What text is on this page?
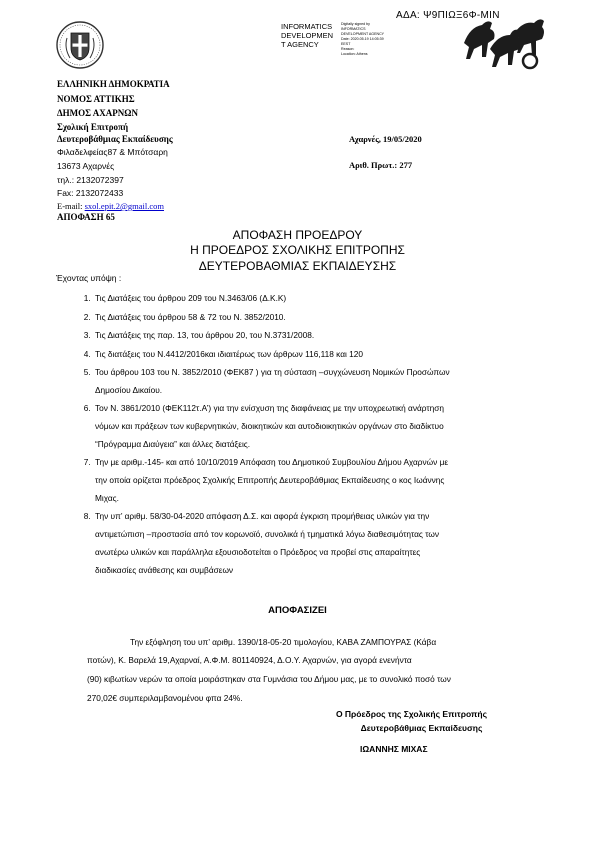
ΑΔΑ: Ψ9ΠΙΩΞ6Φ-ΜΙΝ
INFORMATICS
DEVELOPMEN
T AGENCY
Digitally signed by
INFORMATICS
DEVELOPMENT AGENCY
Date: 2020.05.19 14:05:39
EEST
Reason:
Location: Athens
ΕΛΛΗΝΙΚΗ ΔΗΜΟΚΡΑΤΙΑ
ΝΟΜΟΣ ΑΤΤΙΚΗΣ
ΔΗΜΟΣ ΑΧΑΡΝΩΝ
Σχολική Επιτροπή
Δευτεροβάθμιας Εκπαίδευσης
Φιλαδελφείας87 & Μπότσαρη
13673 Αχαρνές
τηλ.: 2132072397
Fax: 2132072433
E-mail: sxol.epit.2@gmail.com
ΑΠΟΦΑΣΗ 65
Αχαρνές, 19/05/2020
Αριθ. Πρωτ.: 277
ΑΠΟΦΑΣΗ ΠΡΟΕΔΡΟΥ
Η ΠΡΟΕΔΡΟΣ ΣΧΟΛΙΚΗΣ ΕΠΙΤΡΟΠΗΣ
ΔΕΥΤΕΡΟΒΑΘΜΙΑΣ ΕΚΠΑΙΔΕΥΣΗΣ
Έχοντας υπόψη :
1. Τις Διατάξεις του άρθρου 209 του Ν.3463/06 (Δ.Κ.Κ)
2. Τις Διατάξεις του άρθρου 58 & 72 του Ν. 3852/2010.
3. Τις Διατάξεις της παρ. 13, του άρθρου 20, του Ν.3731/2008.
4. Τις διατάξεις του Ν.4412/2016και ιδιαιτέρως των άρθρων 116,118 και 120
5. Του άρθρου 103 του Ν. 3852/2010 (ΦΕΚ87 ) για τη σύσταση –συγχώνευση Νομικών Προσώπων
Δημοσίου Δικαίου.
6. Τον Ν. 3861/2010 (ΦΕΚ112τ.Α’) για την ενίσχυση της διαφάνειας με την υποχρεωτική ανάρτηση
νόμων και πράξεων των κυβερνητικών, διοικητικών και αυτοδιοικητικών οργάνων στο διαδίκτυο
“Πρόγραμμα Διαύγεια” και άλλες διατάξεις.
7. Την με αριθμ.-145- και από 10/10/2019 Απόφαση του Δημοτικού Συμβουλίου Δήμου Αχαρνών με
την οποία ορίζεται πρόεδρος Σχολικής Επιτροπής Δευτεροβάθμιας Εκπαίδευσης ο κος Ιωάννης
Μιχας.
8. Την υπ’ αριθμ. 58/30-04-2020 απόφαση Δ.Σ. και αφορά έγκριση προμήθειας υλικών για την
αντιμετώπιση –προστασία από τον κορωνοϊό, συνολικά ή τμηματικά λόγω διαθεσιμότητας των
ανωτέρω υλικών και παράλληλα εξουσιοδοτείται ο Πρόεδρος να προβεί στις απαραίτητες
διαδικασίες ανάθεσης και συμβάσεων
ΑΠΟΦΑΣΙΖΕΙ
Την εξόφληση του υπ’ αριθμ. 1390/18-05-20 τιμολογίου, ΚΑΒΑ ΖΑΜΠΟΥΡΑΣ (Κάβα
ποτών), Κ. Βαρελά 19,Αχαρναί, Α.Φ.Μ. 801140924, Δ.Ο.Υ. Αχαρνών, για αγορά ενενήντα
(90) κιβωτίων νερών τα οποία μοιράστηκαν στα Γυμνάσια του Δήμου μας, με το συνολικό ποσό των
270,02€ συμπεριλαμβανομένου φπα 24%.
Ο Πρόεδρος της Σχολικής Επιτροπής
Δευτεροβάθμιας Εκπαίδευσης
ΙΩΑΝΝΗΣ ΜΙΧΑΣ
